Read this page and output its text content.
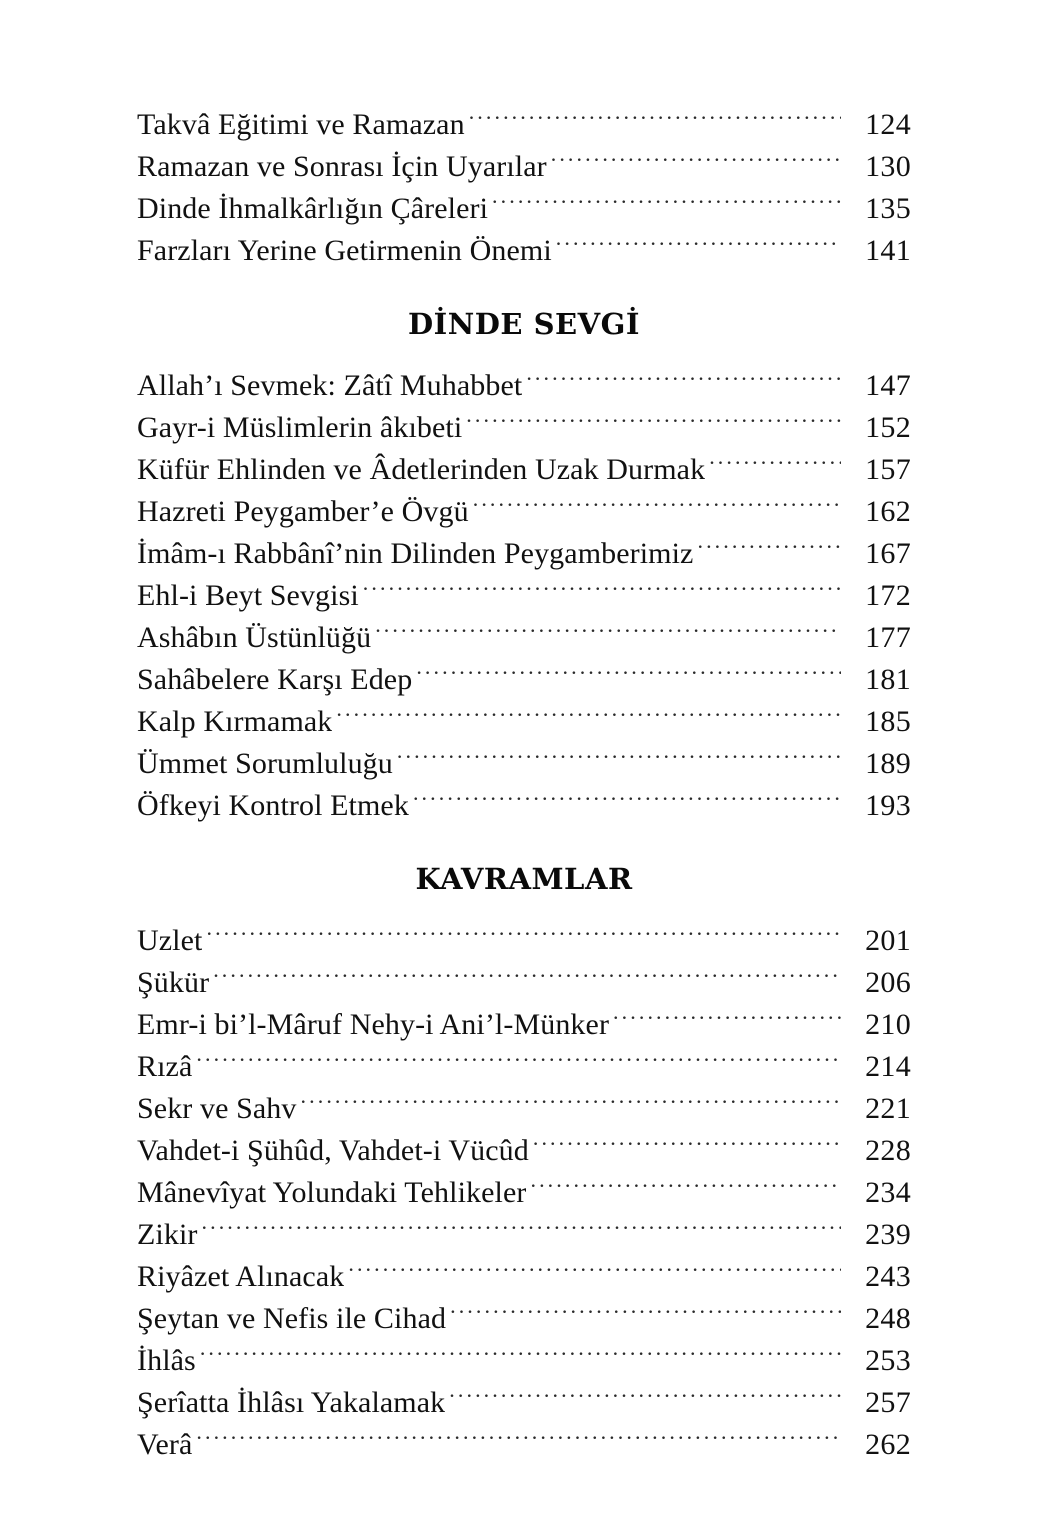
Takvâ Eğitimi ve Ramazan .....	124
Ramazan ve Sonrası İçin Uyarılar .....	130
Dinde İhmalkârlığın Çâreleri .....	135
Farzları Yerine Getirmenin Önemi .....	141
DİNDE SEVGİ
Allah’ı Sevmek: Zâtî Muhabbet .....	147
Gayr-i Müslimlerin âkıbeti .....	152
Küfür Ehlinden ve Âdetlerinden Uzak Durmak .....	157
Hazreti Peygamber’e Övgü .....	162
İmâm-ı Rabbânî’nin Dilinden Peygamberimiz .....	167
Ehl-i Beyt Sevgisi .....	172
Ashâbın Üstünlüğü .....	177
Sahâbelere Karşı Edep .....	181
Kalp Kırmamak .....	185
Ümmet Sorumluluğu .....	189
Öfkeyi Kontrol Etmek .....	193
KAVRAMLAR
Uzlet .....	201
Şükür .....	206
Emr-i bi’l-Mâruf Nehy-i Ani’l-Münker .....	210
Rızâ .....	214
Sekr ve Sahv .....	221
Vahdet-i Şühûd, Vahdet-i Vücûd .....	228
Mânevîyat Yolundaki Tehlikeler .....	234
Zikir .....	239
Riyâzet Alınacak .....	243
Şeytan ve Nefis ile Cihad .....	248
İhlâs .....	253
Şerîatta İhlâsı Yakalamak .....	257
Verâ .....	262
